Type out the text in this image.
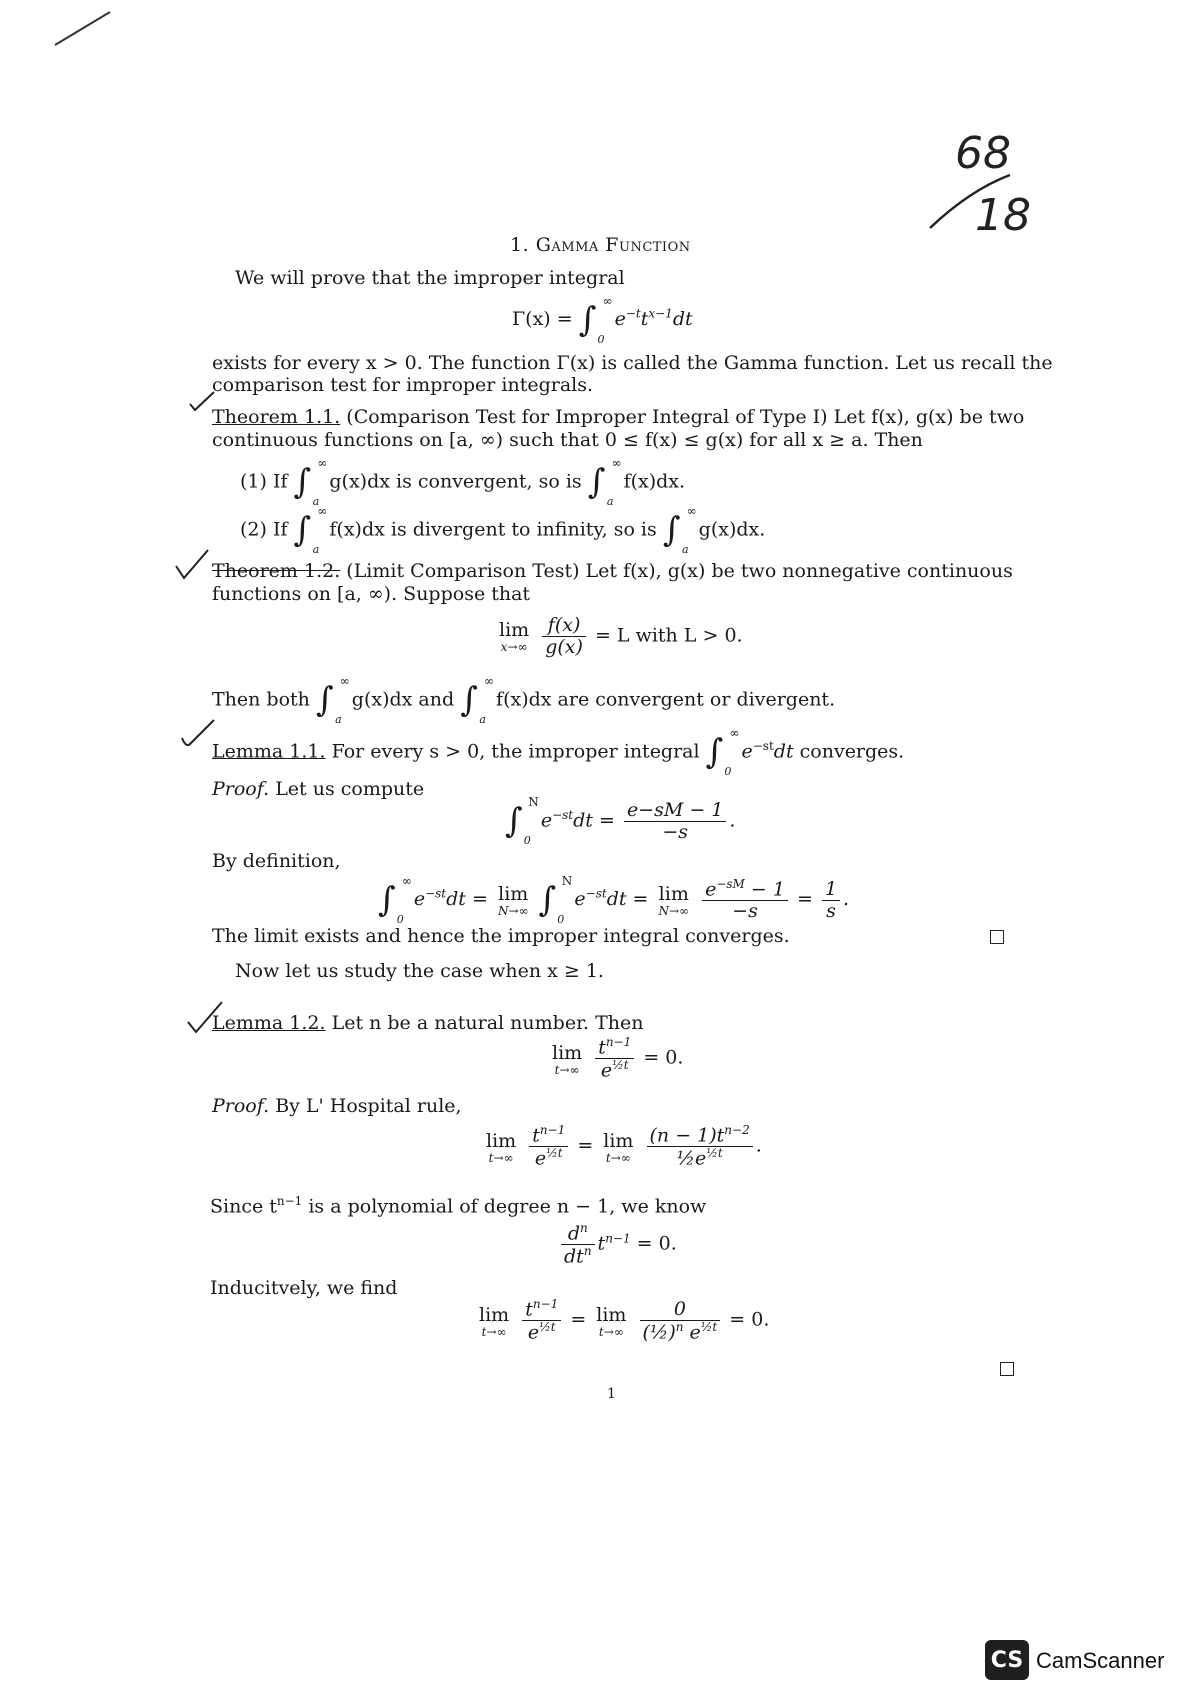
68
18
1. Gamma Function
We will prove that the improper integral
Γ(x) = ∫ 0
∞
$e^{-t}t^{x-1}dt$
exists for every x > 0. The function Γ(x) is called the Gamma function. Let us recall the
comparison test for improper integrals.
Theorem 1.1. (Comparison Test for Improper Integral of Type I) Let f(x), g(x) be two
continuous functions on [a, ∞) such that 0 ≤ f(x) ≤ g(x) for all x ≥ a. Then
(1) If ∫ a
∞
g(x)dx is convergent, so is ∫ a
∞
f(x)dx.
(2) If ∫ a
∞
f(x)dx is divergent to infinity, so is ∫ a
∞
g(x)dx.
Theorem 1.2. (Limit Comparison Test) Let f(x), g(x) be two nonnegative continuous
functions on [a, ∞). Suppose that
lim
x→∞
$\frac{f(x)}{g(x)} = L$ with L > 0.
Then both ∫ a
∞
g(x)dx and ∫ a
∞
f(x)dx are convergent or divergent.
Lemma 1.1. For every s > 0, the improper integral ∫ 0
∞
$e^{-st}dt$ converges.
Proof. Let us compute
∫ 0
N
$e^{-st}dt = \frac{e-sM - 1}{-s}$ .
By definition,
∫ 0
∞
$e^{-st}dt = \lim$
N→∞ ∫ 0
N
$e^{-st}dt = \lim$
N→∞
$\frac{e^{-sM} - 1}{-s} = \frac{1}{s}$ .
The limit exists and hence the improper integral converges.
Now let us study the case when x ≥ 1.
Lemma 1.2. Let n be a natural number. Then
lim
t→∞
$\frac{t^{n-1}}{e^{\frac{1}{2}t}} = 0$.
Proof. By L' Hospital rule,
lim
t→∞
$\frac{t^{n-1}}{e^{\frac{1}{2}t}} = \lim$
t→∞
$\frac{(n - 1)t^{n-2}}{\frac{1}{2}e^{\frac{1}{2}t}}$ .
Since $t^{n-1}$ is a polynomial of degree n − 1, we know
$\frac{d^n}{dt^n} t^{n-1} = 0$.
Inducitvely, we find
lim
t→∞
$\frac{t^{n-1}}{e^{\frac{1}{2}t}} = \lim$
t→∞
$\frac{0}{(\frac{1}{2})^n e^{\frac{1}{2}t}} = 0$.
1
CS CamScanner
